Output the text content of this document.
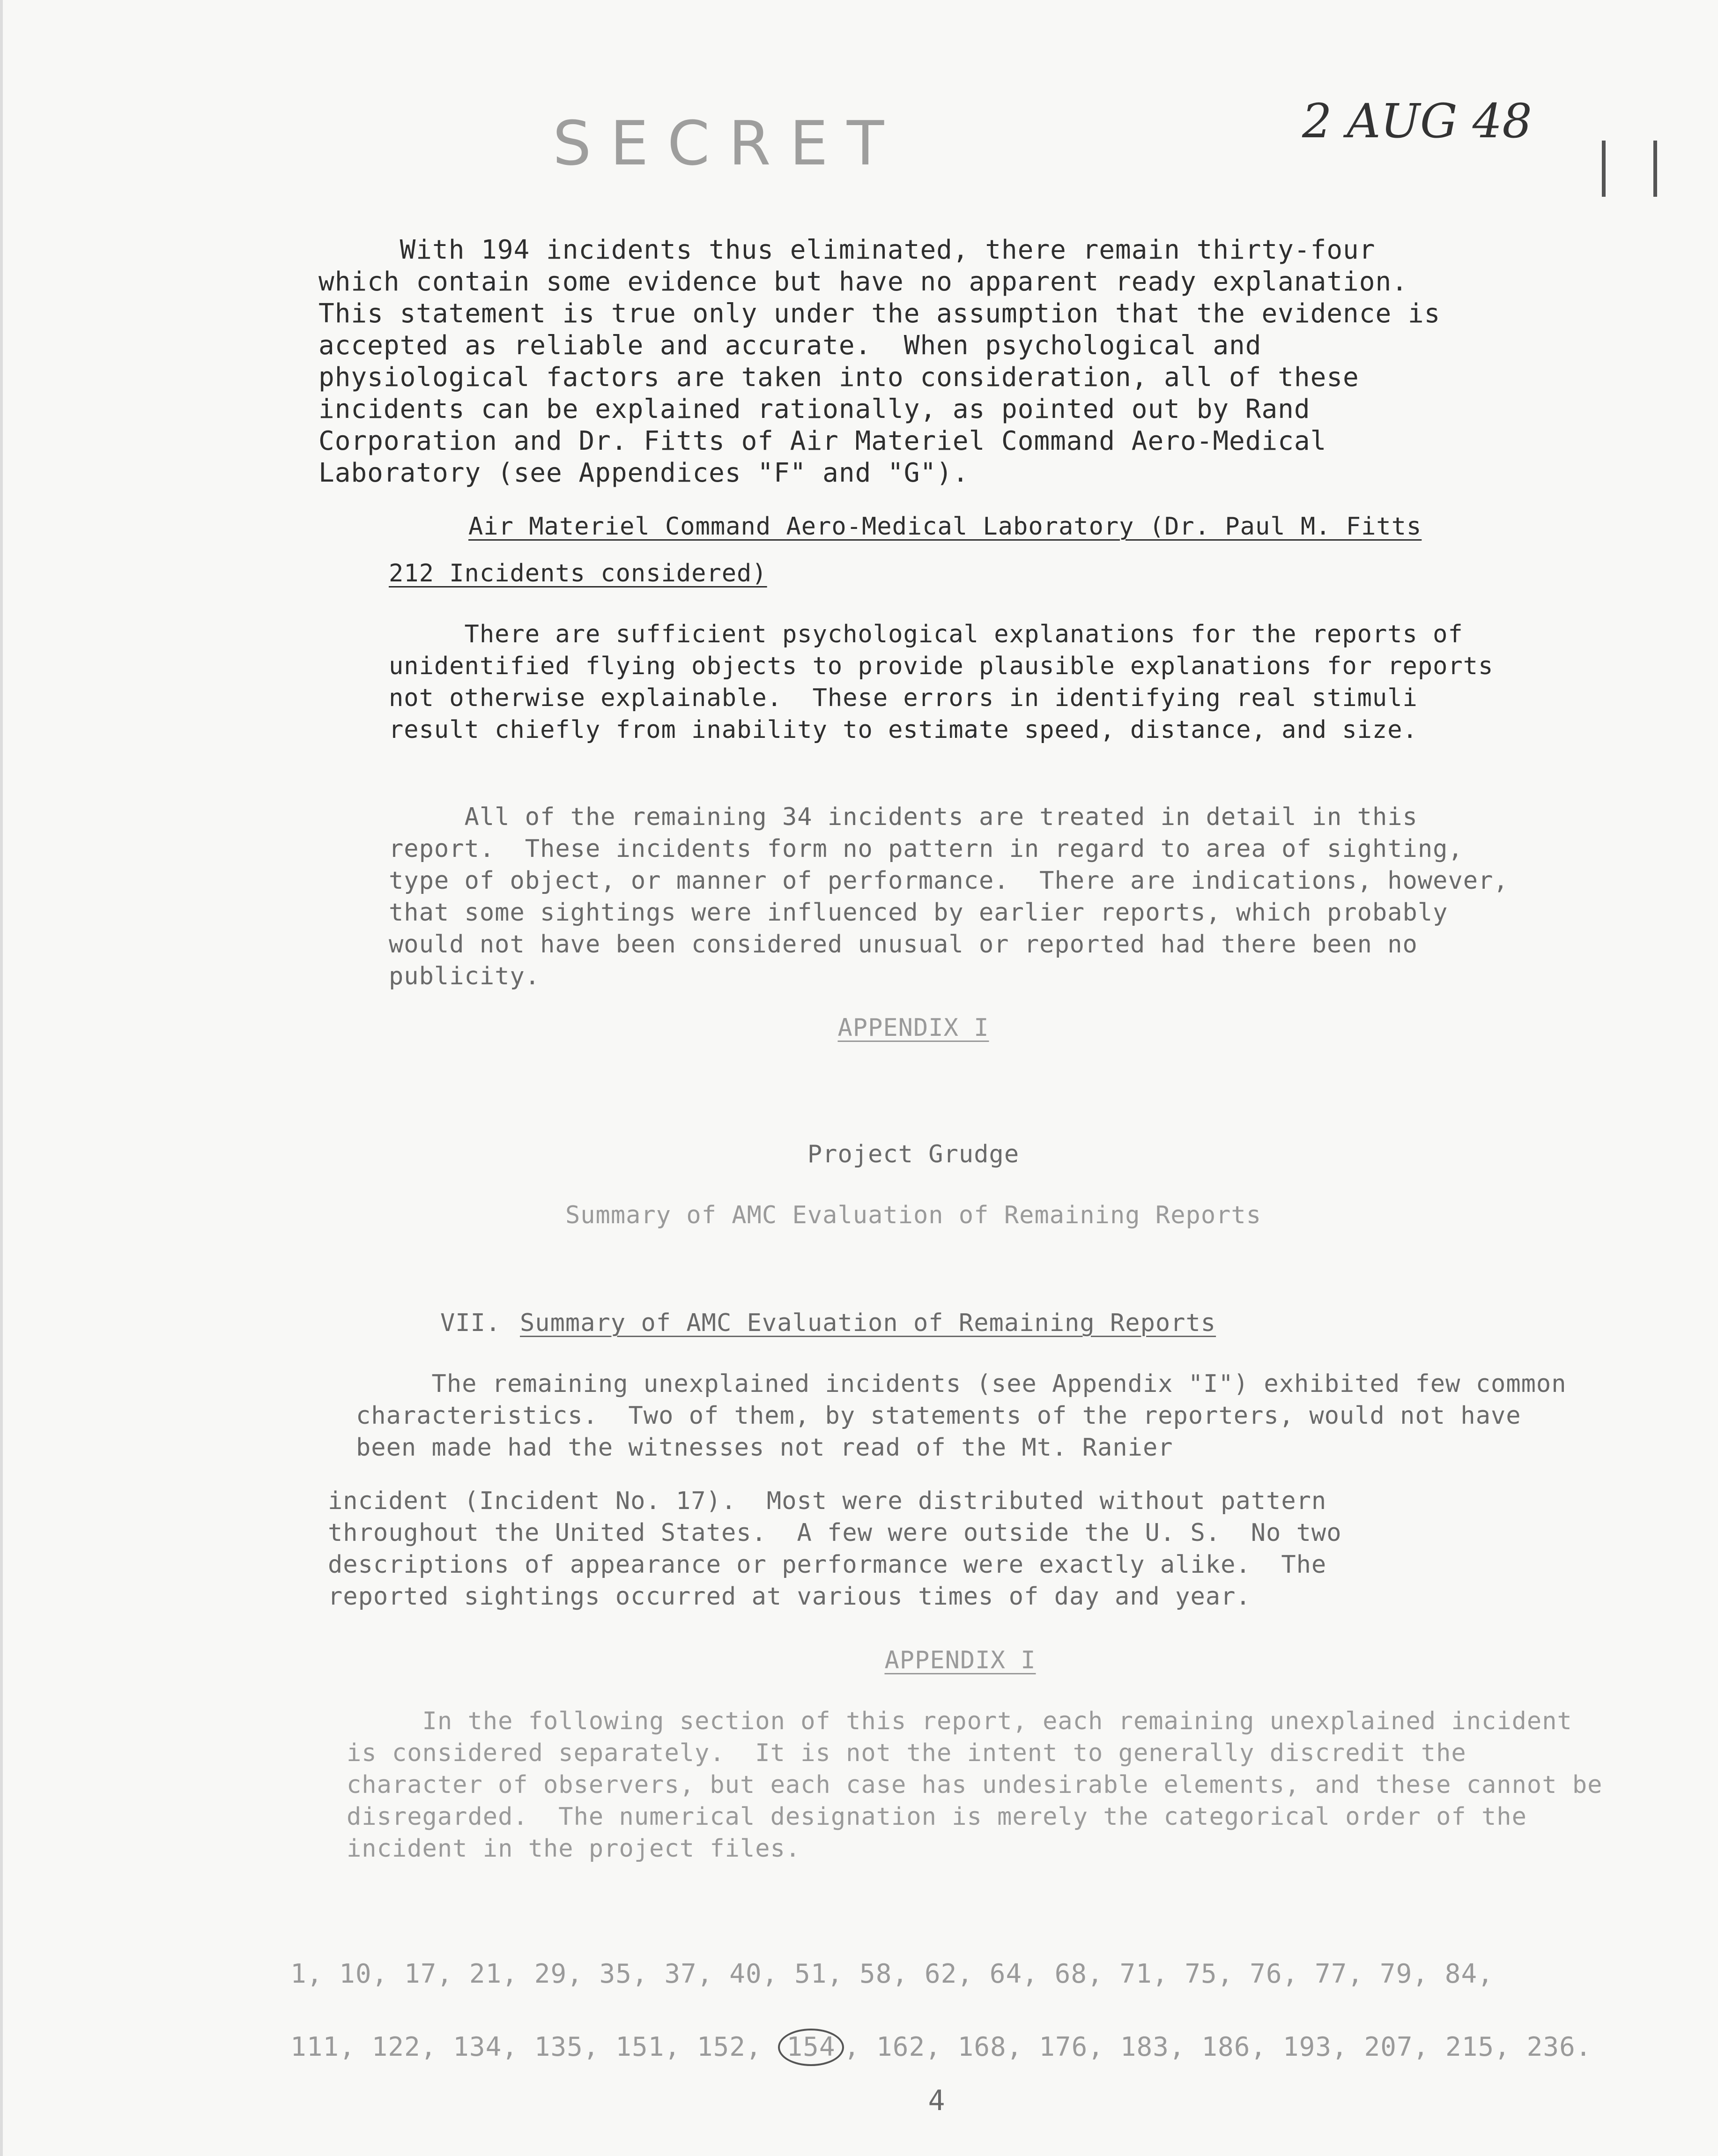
SECRET	2 AUG 48
With 194 incidents thus eliminated, there remain thirty-four which contain some evidence but have no apparent ready explanation. This statement is true only under the assumption that the evidence is accepted as reliable and accurate.  When psychological and physiological factors are taken into consideration, all of these incidents can be explained rationally, as pointed out by Rand Corporation and Dr. Fitts of Air Materiel Command Aero-Medical Laboratory (see Appendices "F" and "G").
Air Materiel Command Aero-Medical Laboratory (Dr. Paul M. Fitts
212 Incidents considered)
There are sufficient psychological explanations for the reports of unidentified flying objects to provide plausible explanations for reports not otherwise explainable.  These errors in identifying real stimuli result chiefly from inability to estimate speed, distance, and size.
All of the remaining 34 incidents are treated in detail in this report.  These incidents form no pattern in regard to area of sighting, type of object, or manner of performance.  There are indications, however, that some sightings were influenced by earlier reports, which probably would not have been considered unusual or reported had there been no publicity.
APPENDIX I
Project Grudge
Summary of AMC Evaluation of Remaining Reports
VII. Summary of AMC Evaluation of Remaining Reports
The remaining unexplained incidents (see Appendix "I") exhibited few common characteristics.  Two of them, by statements of the reporters, would not have been made had the witnesses not read of the Mt. Ranier
incident (Incident No. 17).  Most were distributed without pattern throughout the United States.  A few were outside the U. S.  No two descriptions of appearance or performance were exactly alike.  The reported sightings occurred at various times of day and year.
APPENDIX I
In the following section of this report, each remaining unexplained incident is considered separately.  It is not the intent to generally discredit the character of observers, but each case has undesirable elements, and these cannot be disregarded.  The numerical designation is merely the categorical order of the incident in the project files.
1, 10, 17, 21, 29, 35, 37, 40, 51, 58, 62, 64, 68, 71, 75, 76, 77, 79, 84,
111, 122, 134, 135, 151, 152, 154 , 162, 168, 176, 183, 186, 193, 207, 215, 236.
4
